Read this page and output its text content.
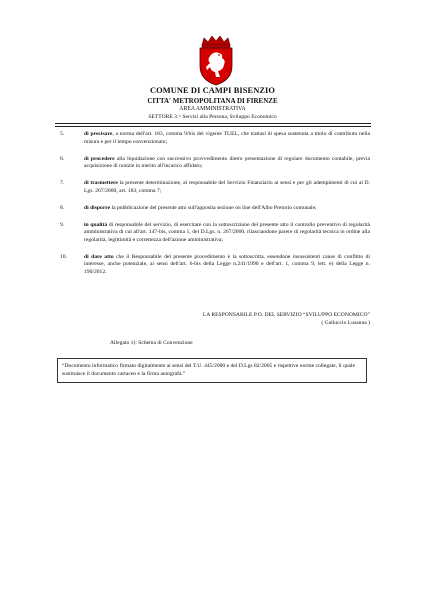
COMUNE DI CAMPI BISENZIO
CITTA' METROPOLITANA DI FIRENZE
AREA AMMINISTRATIVA
SETTORE 3.^ Servizi alla Persona, Sviluppo Economico
5.	di precisare, a norma dell'art. 183, comma 9/bis del vigente TUEL, che trattasi di spesa sostenuta a titolo di contributo nella misura e per il tempo convenzionato;
6.	di procedere alla liquidazione con successivo provvedimento dietro presentazione di regolare documento contabile, previa acquisizione di notizie in merito all'incarico affidato;
7.	di trasmettere la presente determinazione, al responsabile del Servizio Finanziario ai sensi e per gli adempimenti di cui al D. Lgs. 267/2000, art. 183, comma 7;
8.	di disporre la pubblicazione del presente atto sull'apposita sezione on line dell'Albo Pretorio comunale;
9.	in qualità di responsabile del servizio, di esercitare con la sottoscrizione del presente atto il controllo preventivo di regolarità amministrativa di cui all'art. 147-bis, comma 1, del D.Lgs. n. 267/2000, rilasciandone parere di regolarità tecnica in ordine alla regolarità, legittimità e correttezza dell'azione amministrativa;
10.	di dare atto che il Responsabile del presente procedimento è la sottoscritta, essendone insussistenti cause di conflitto di interesse, anche potenziale, ai sensi dell'art. 6-bis della Legge n.241/1990 e dell'art. 1, comma 9, lett. e) della Legge n. 190/2012.
LA RESPONSABILE P.O. DEL SERVIZIO “SVILUPPO ECONOMICO”
( Galluccio Lusanna )
Allegato 1): Schema di Convenzione
“Documento informatico firmato digitalmente ai sensi del T.U. 445/2000 e del D.Lgs 82/2005 e rispettive norme collegate, il quale sostituisce il documento cartaceo e la firma autografa.”
